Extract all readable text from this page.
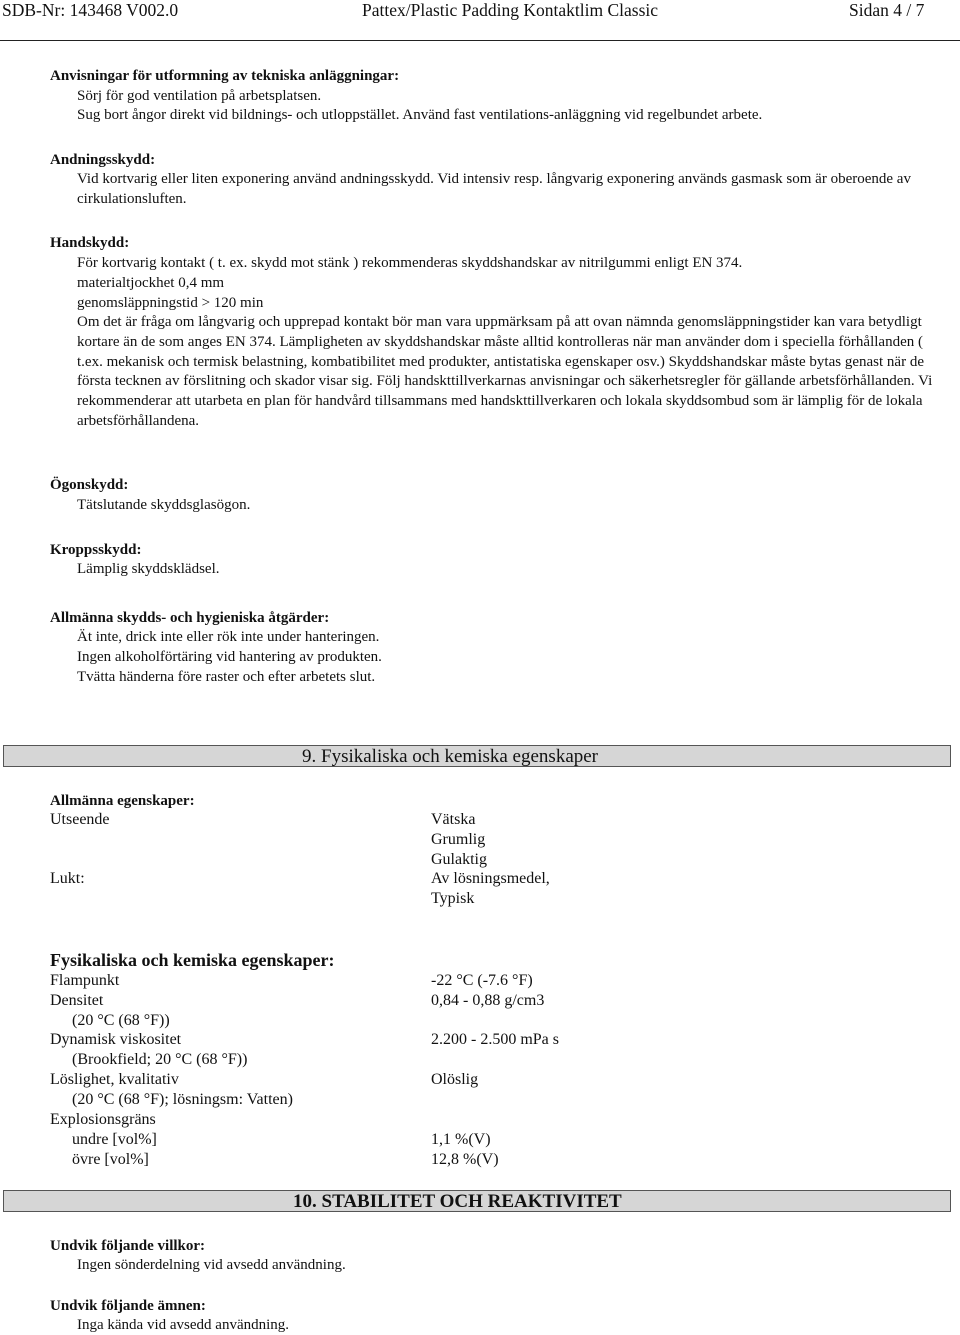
SDB-Nr: 143468 V002.0	Pattex/Plastic Padding Kontaktlim Classic	Sidan 4 / 7
Anvisningar för utformning av tekniska anläggningar:
Sörj för god ventilation på arbetsplatsen.
Sug bort ångor direkt vid bildnings- och utloppstället. Använd fast ventilations-anläggning vid regelbundet arbete.
Andningsskydd:
Vid kortvarig eller liten exponering använd andningsskydd. Vid intensiv resp. långvarig exponering används gasmask som är oberoende av cirkulationsluften.
Handskydd:
För kortvarig kontakt ( t. ex. skydd mot stänk ) rekommenderas skyddshandskar av nitrilgummi enligt EN 374.
materialtjockhet 0,4 mm
genomsläppningstid > 120 min
Om det är fråga om långvarig och upprepad kontakt bör man vara uppmärksam på att ovan nämnda genomsläppningstider kan vara betydligt kortare än de som anges EN 374. Lämpligheten av skyddshandskar måste alltid kontrolleras när man använder dom i speciella förhållanden ( t.ex. mekanisk och termisk belastning, kombatibilitet med produkter, antistatiska egenskaper osv.) Skyddshandskar måste bytas genast när de första tecknen av förslitning och skador visar sig. Följ handskttillverkarnas anvisningar och säkerhetsregler för gällande arbetsförhållanden. Vi rekommenderar att utarbeta en plan för handvård tillsammans med handskttillverkaren och lokala skyddsombud som är lämplig för de lokala arbetsförhållandena.
Ögonskydd:
Tätslutande skyddsglasögon.
Kroppsskydd:
Lämplig skyddsklädsel.
Allmänna skydds- och hygieniska åtgärder:
Ät inte, drick inte eller rök inte under hanteringen.
Ingen alkoholförtäring vid hantering av produkten.
Tvätta händerna före raster och efter arbetets slut.
9. Fysikaliska och kemiska egenskaper
Allmänna egenskaper:
Utseende	Vätska
Grumlig
Gulaktig
Lukt:	Av lösningsmedel,
Typisk
Fysikaliska och kemiska egenskaper:
Flampunkt	-22 °C (-7.6 °F)
Densitet	0,84 - 0,88 g/cm3
(20 °C (68 °F))
Dynamisk viskositet	2.200 - 2.500 mPa s
(Brookfield; 20 °C (68 °F))
Löslighet, kvalitativ	Olöslig
(20 °C (68 °F); lösningsm: Vatten)
Explosionsgräns
undre [vol%]	1,1 %(V)
övre [vol%]	12,8 %(V)
10. STABILITET OCH REAKTIVITET
Undvik följande villkor:
Ingen sönderdelning vid avsedd användning.
Undvik följande ämnen:
Inga kända vid avsedd användning.
